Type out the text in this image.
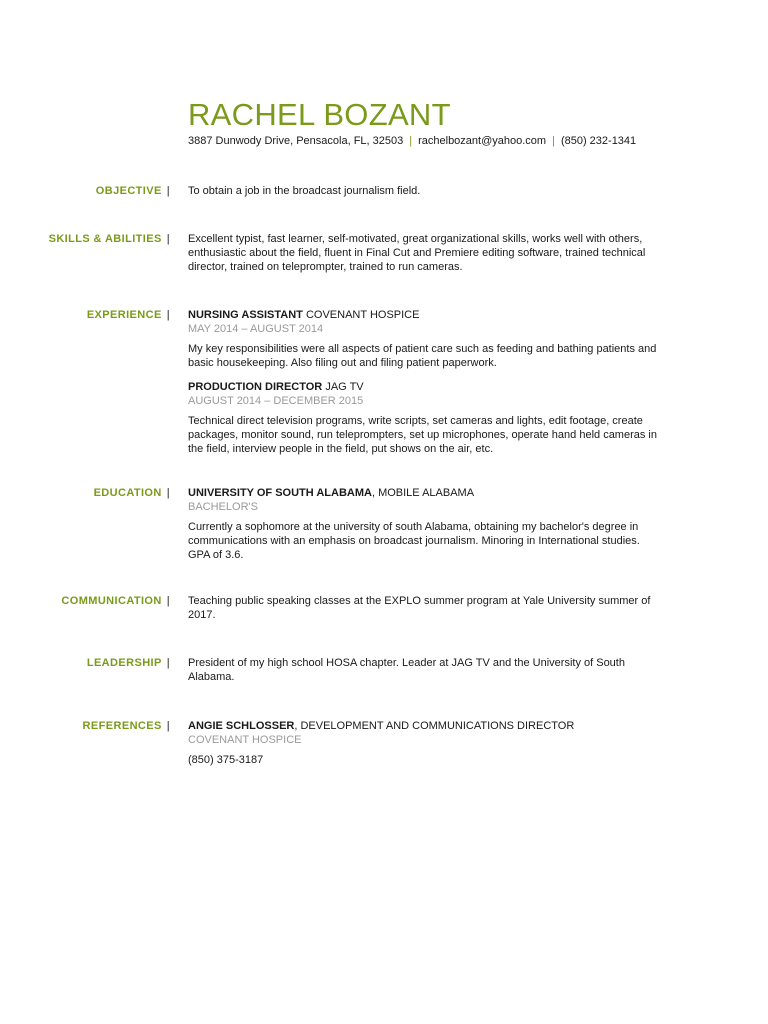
RACHEL BOZANT
3887 Dunwody Drive, Pensacola, FL, 32503 | rachelbozant@yahoo.com | (850) 232-1341
OBJECTIVE | To obtain a job in the broadcast journalism field.

SKILLS & ABILITIES | Excellent typist, fast learner, self-motivated, great organizational skills, works well with others, enthusiastic about the field, fluent in Final Cut and Premiere editing software, trained technical director, trained on teleprompter, trained to run cameras.

EXPERIENCE | NURSING ASSISTANT COVENANT HOSPICE

MAY 2014 – AUGUST 2014

My key responsibilities were all aspects of patient care such as feeding and bathing patients and basic housekeeping. Also filing out and filing patient paperwork.

PRODUCTION DIRECTOR JAG TV

AUGUST 2014 – DECEMBER 2015

Technical direct television programs, write scripts, set cameras and lights, edit footage, create packages, monitor sound, run teleprompters, set up microphones, operate hand held cameras in the field, interview people in the field, put shows on the air, etc.

EDUCATION | UNIVERSITY OF SOUTH ALABAMA, MOBILE ALABAMA

BACHELOR'S

Currently a sophomore at the university of south Alabama, obtaining my bachelor's degree in communications with an emphasis on broadcast journalism. Minoring in International studies. GPA of 3.6.

COMMUNICATION | Teaching public speaking classes at the EXPLO summer program at Yale University summer of 2017.

LEADERSHIP | President of my high school HOSA chapter. Leader at JAG TV and the University of South Alabama.

REFERENCES | ANGIE SCHLOSSER, DEVELOPMENT AND COMMUNICATIONS DIRECTOR

COVENANT HOSPICE

(850) 375-3187
